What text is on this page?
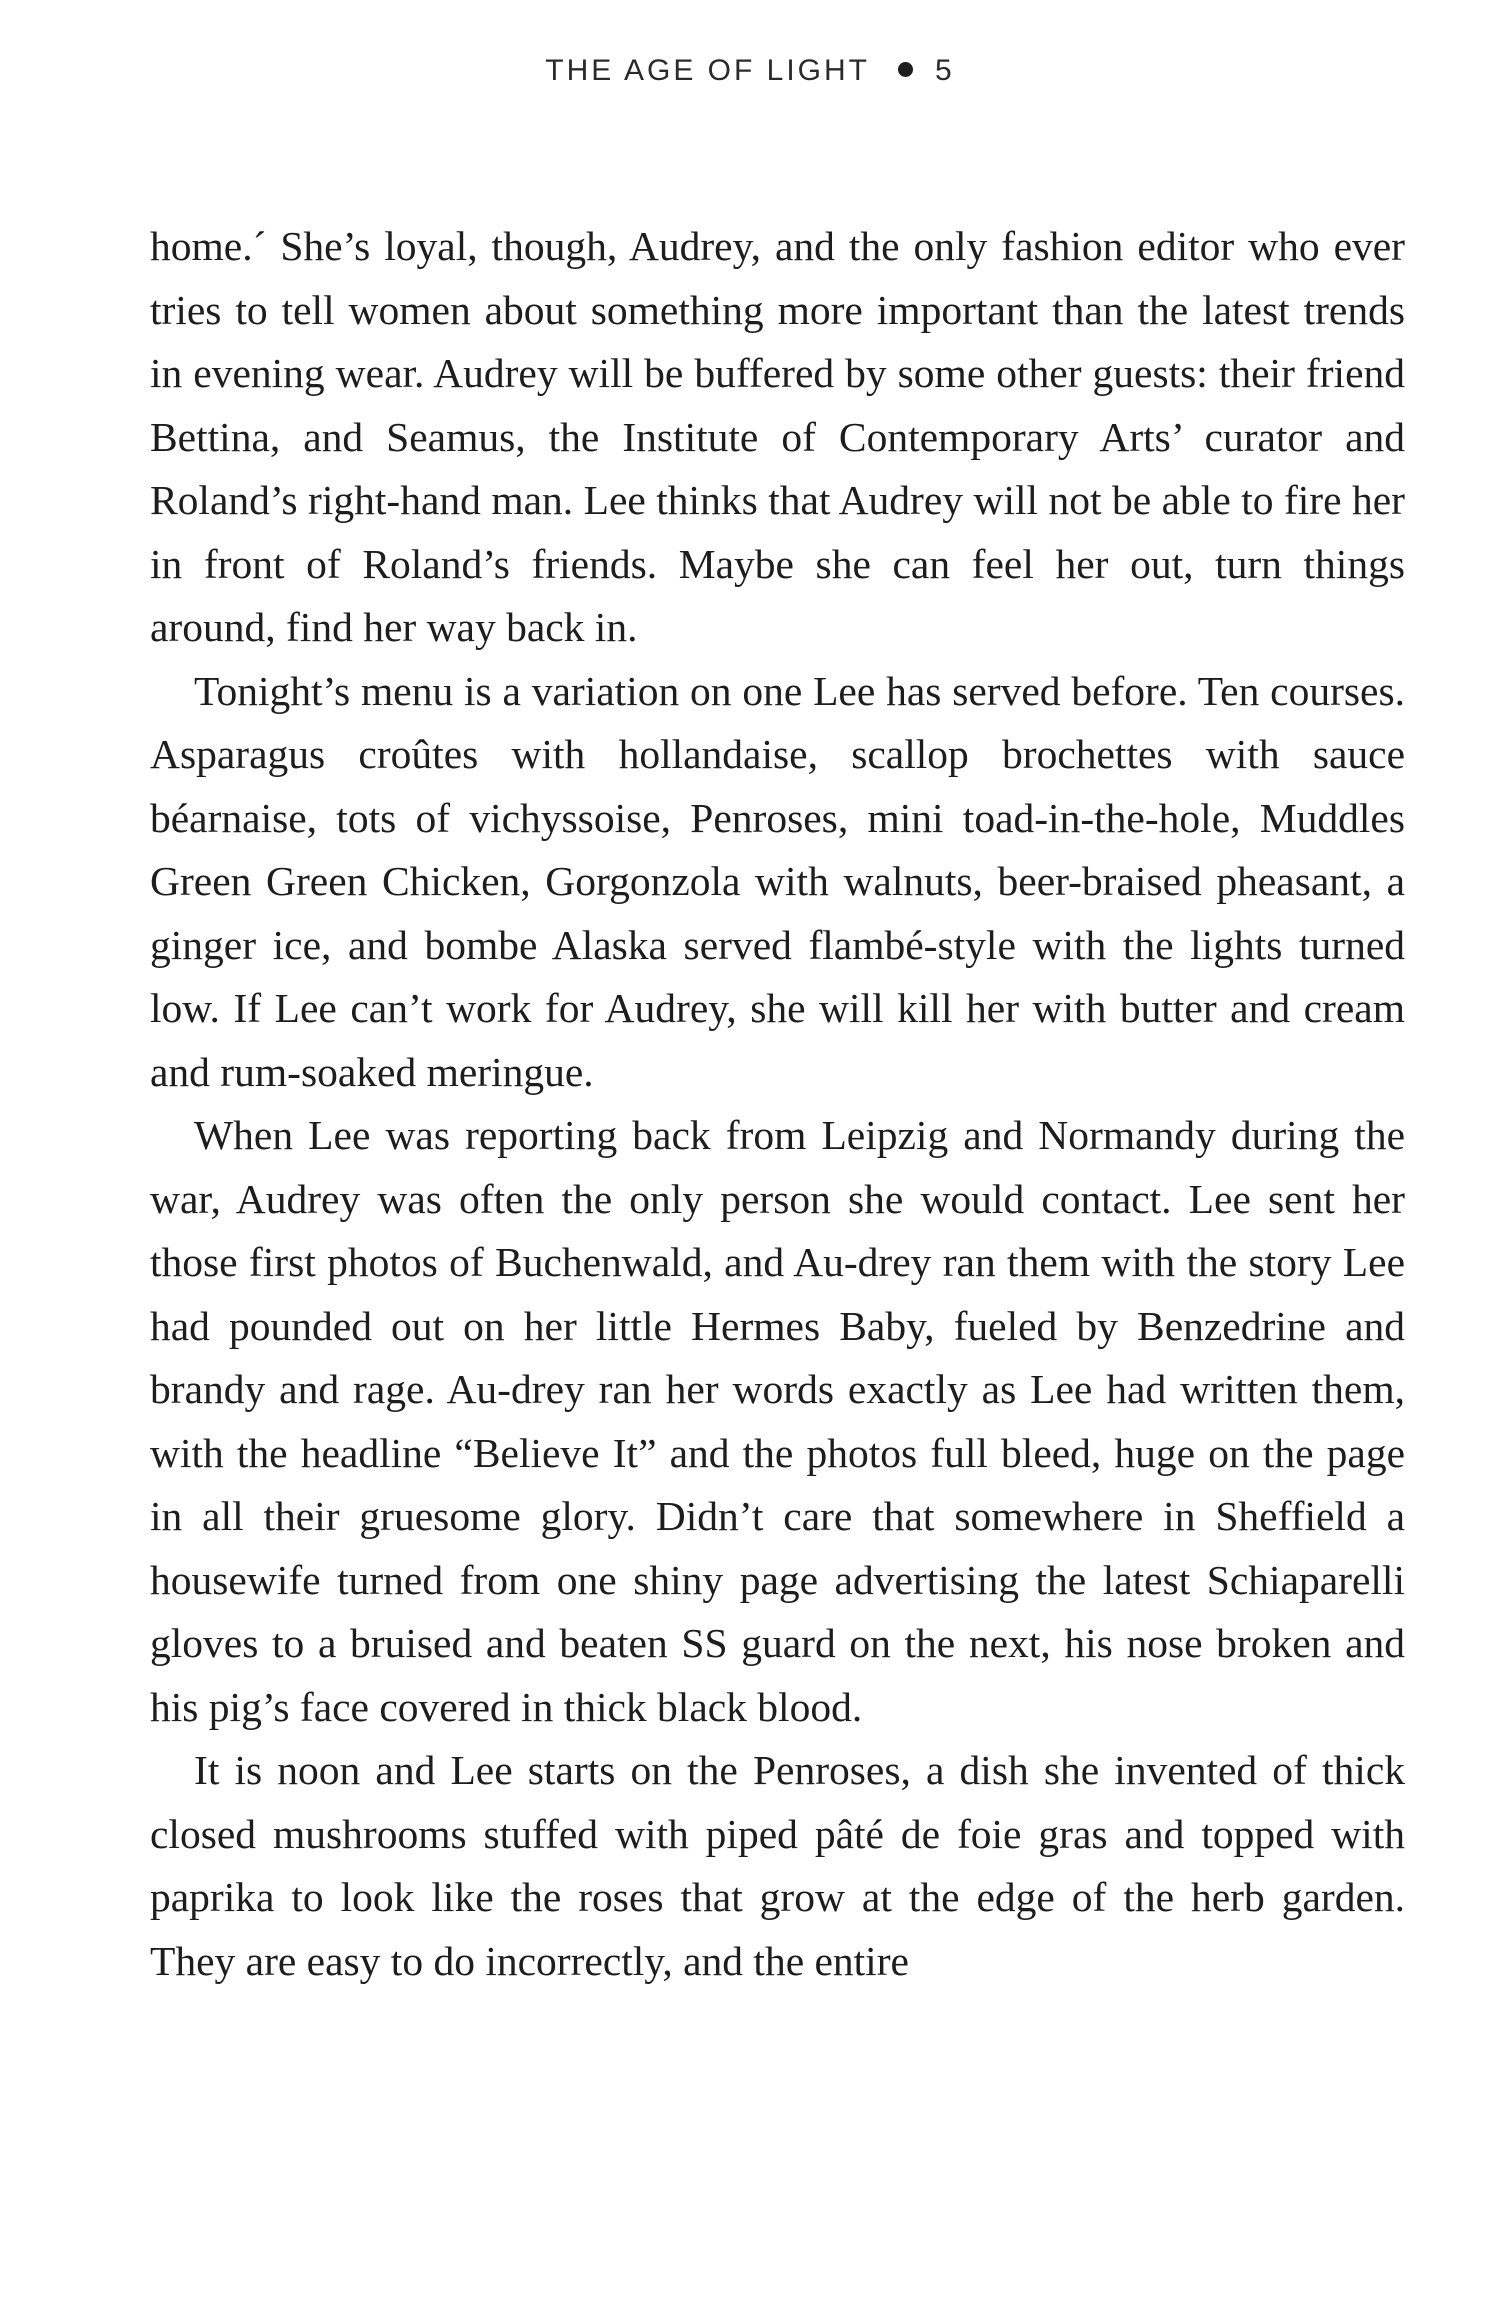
THE AGE OF LIGHT 5

home.´ She’s loyal, though, Audrey, and the only fashion editor who ever tries to tell women about something more important than the latest trends in evening wear. Audrey will be buffered by some other guests: their friend Bettina, and Seamus, the Institute of Contemporary Arts’ curator and Roland’s right-hand man. Lee thinks that Audrey will not be able to fire her in front of Roland’s friends. Maybe she can feel her out, turn things around, find her way back in.

Tonight’s menu is a variation on one Lee has served before. Ten courses. Asparagus croûtes with hollandaise, scallop brochettes with sauce béarnaise, tots of vichyssoise, Penroses, mini toad-in-the-hole, Muddles Green Green Chicken, Gorgonzola with walnuts, beer-braised pheasant, a ginger ice, and bombe Alaska served flambé-style with the lights turned low. If Lee can’t work for Audrey, she will kill her with butter and cream and rum-soaked meringue.

When Lee was reporting back from Leipzig and Normandy during the war, Audrey was often the only person she would contact. Lee sent her those first photos of Buchenwald, and Au-drey ran them with the story Lee had pounded out on her little Hermes Baby, fueled by Benzedrine and brandy and rage. Au-drey ran her words exactly as Lee had written them, with the headline “Believe It” and the photos full bleed, huge on the page in all their gruesome glory. Didn’t care that somewhere in Sheffield a housewife turned from one shiny page advertising the latest Schiaparelli gloves to a bruised and beaten SS guard on the next, his nose broken and his pig’s face covered in thick black blood.

It is noon and Lee starts on the Penroses, a dish she invented of thick closed mushrooms stuffed with piped pâté de foie gras and topped with paprika to look like the roses that grow at the edge of the herb garden. They are easy to do incorrectly, and the entire
